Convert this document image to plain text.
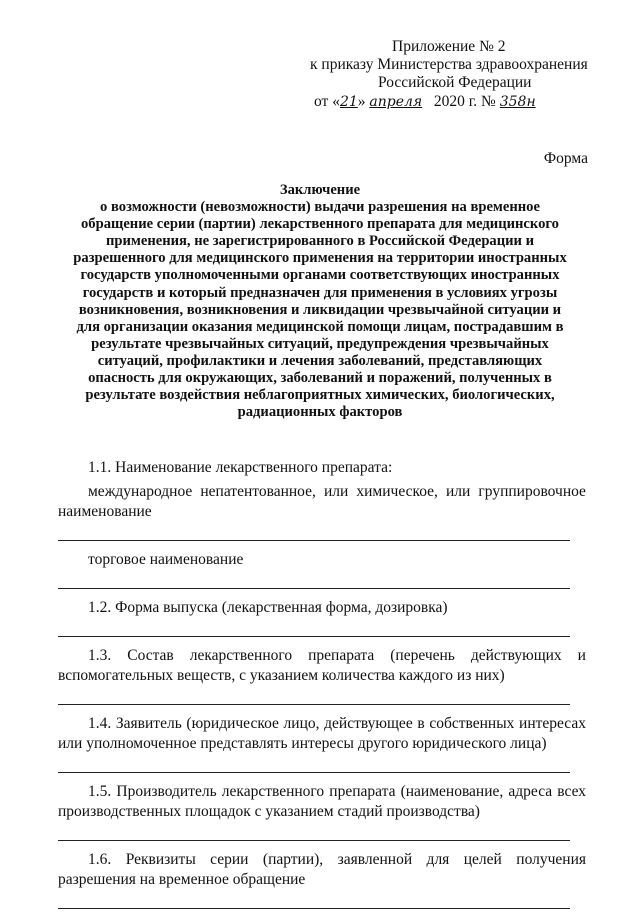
Приложение № 2
к приказу Министерства здравоохранения
Российской Федерации
от «21» апреля 2020 г. № 358н
Форма
Заключение
о возможности (невозможности) выдачи разрешения на временное
обращение серии (партии) лекарственного препарата для медицинского
применения, не зарегистрированного в Российской Федерации и
разрешенного для медицинского применения на территории иностранных
государств уполномоченными органами соответствующих иностранных
государств и который предназначен для применения в условиях угрозы
возникновения, возникновения и ликвидации чрезвычайной ситуации и
для организации оказания медицинской помощи лицам, пострадавшим в
результате чрезвычайных ситуаций, предупреждения чрезвычайных
ситуаций, профилактики и лечения заболеваний, представляющих
опасность для окружающих, заболеваний и поражений, полученных в
результате воздействия неблагоприятных химических, биологических,
радиационных факторов
1.1. Наименование лекарственного препарата:
международное непатентованное, или химическое, или группировочное
наименование
торговое наименование
1.2. Форма выпуска (лекарственная форма, дозировка)
1.3. Состав лекарственного препарата (перечень действующих и
вспомогательных веществ, с указанием количества каждого из них)
1.4. Заявитель (юридическое лицо, действующее в собственных интересах или уполномоченное представлять интересы другого юридического лица)
1.5. Производитель лекарственного препарата (наименование, адреса всех производственных площадок с указанием стадий производства)
1.6. Реквизиты серии (партии), заявленной для целей получения разрешения на временное обращение
